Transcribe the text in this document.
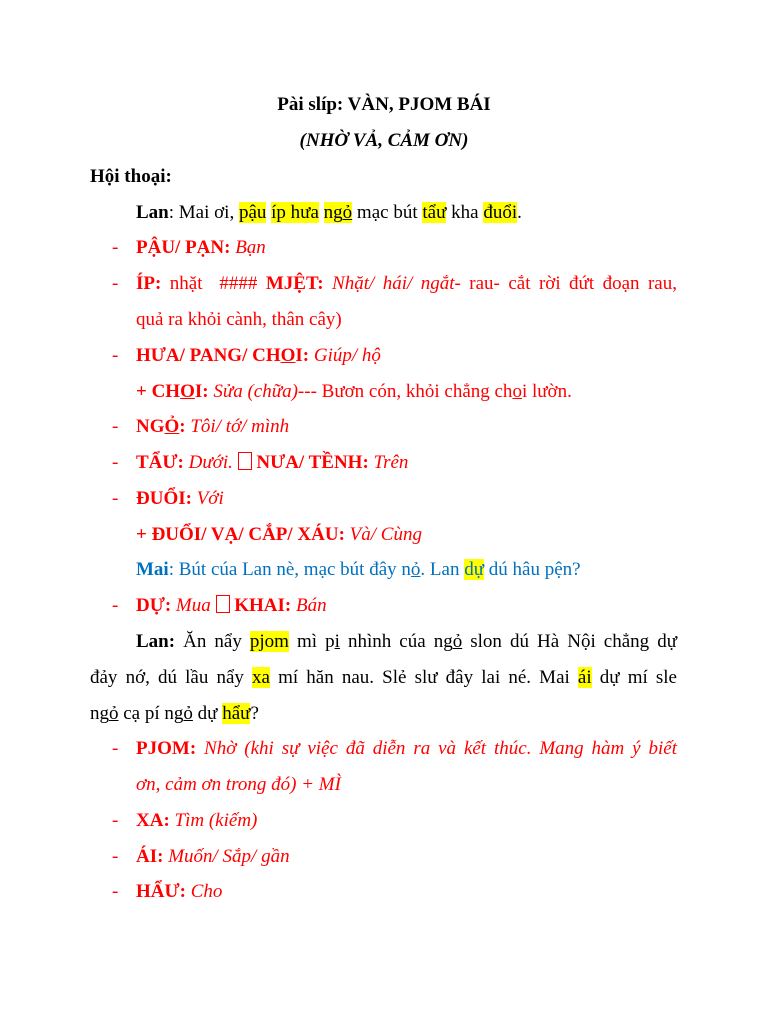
Pài slíp: VÀN, PJOM BÁI
(NHỜ VẢ, CẢM ƠN)
Hội thoại:
Lan: Mai ơi, pậu íp hưa ngỏ mạc bút tẩư kha đuổi.
- PẬU/ PẠN: Bạn
- ÍP: nhặt  #### MJỆT: Nhặt/ hái/ ngắt- rau- cắt rời đứt đoạn rau,
quả ra khỏi cành, thân cây)
- HƯA/ PANG/ CHOI: Giúp/ hộ
+ CHOI: Sửa (chữa)--- Bươn cón, khỏi chẳng choi lườn.
- NGỎ: Tôi/ tớ/ mình
- TẨƯ: Dưới.  NƯA/ TỀNH: Trên
- ĐUỔI: Với
+ ĐUỔI/ VẠ/ CẮP/ XÁU: Và/ Cùng
Mai: Bút cúa Lan nè, mạc bút đây nỏ. Lan dự dú hâu pện?
- DỰ: Mua  KHAI: Bán
Lan: Ăn nẩy pjom mì pi nhình cúa ngỏ slon dú Hà Nội chẳng dự
đảy nớ, dú lầu nẩy xa mí hăn nau. Slẻ slư đây lai né. Mai ái dự mí sle
ngỏ cạ pí ngỏ dự hẩư?
- PJOM: Nhờ (khi sự việc đã diễn ra và kết thúc. Mang hàm ý biết
ơn, cảm ơn trong đó) + MÌ
- XA: Tìm (kiếm)
- ÁI: Muốn/ Sắp/ gần
- HẨƯ: Cho
